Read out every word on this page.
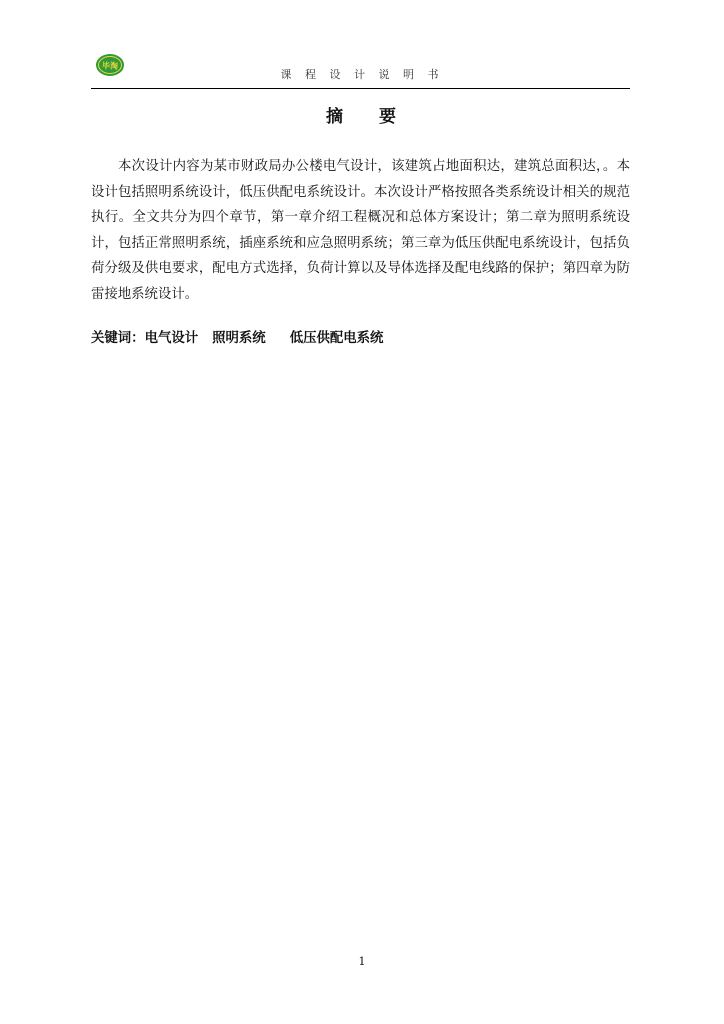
毕淘
课 程 设 计 说 明 书
摘 要

本次设计内容为某市财政局办公楼电气设计，该建筑占地面积达，建筑总面积达，。本设计包括照明系统设计，低压供配电系统设计。本次设计严格按照各类系统设计相关的规范执行。全文共分为四个章节，第一章介绍工程概况和总体方案设计；第二章为照明系统设计，包括正常照明系统，插座系统和应急照明系统；第三章为低压供配电系统设计，包括负荷分级及供电要求，配电方式选择，负荷计算以及导体选择及配电线路的保护；第四章为防雷接地系统设计。

关键词：电气设计 照明系统 低压供配电系统
1
